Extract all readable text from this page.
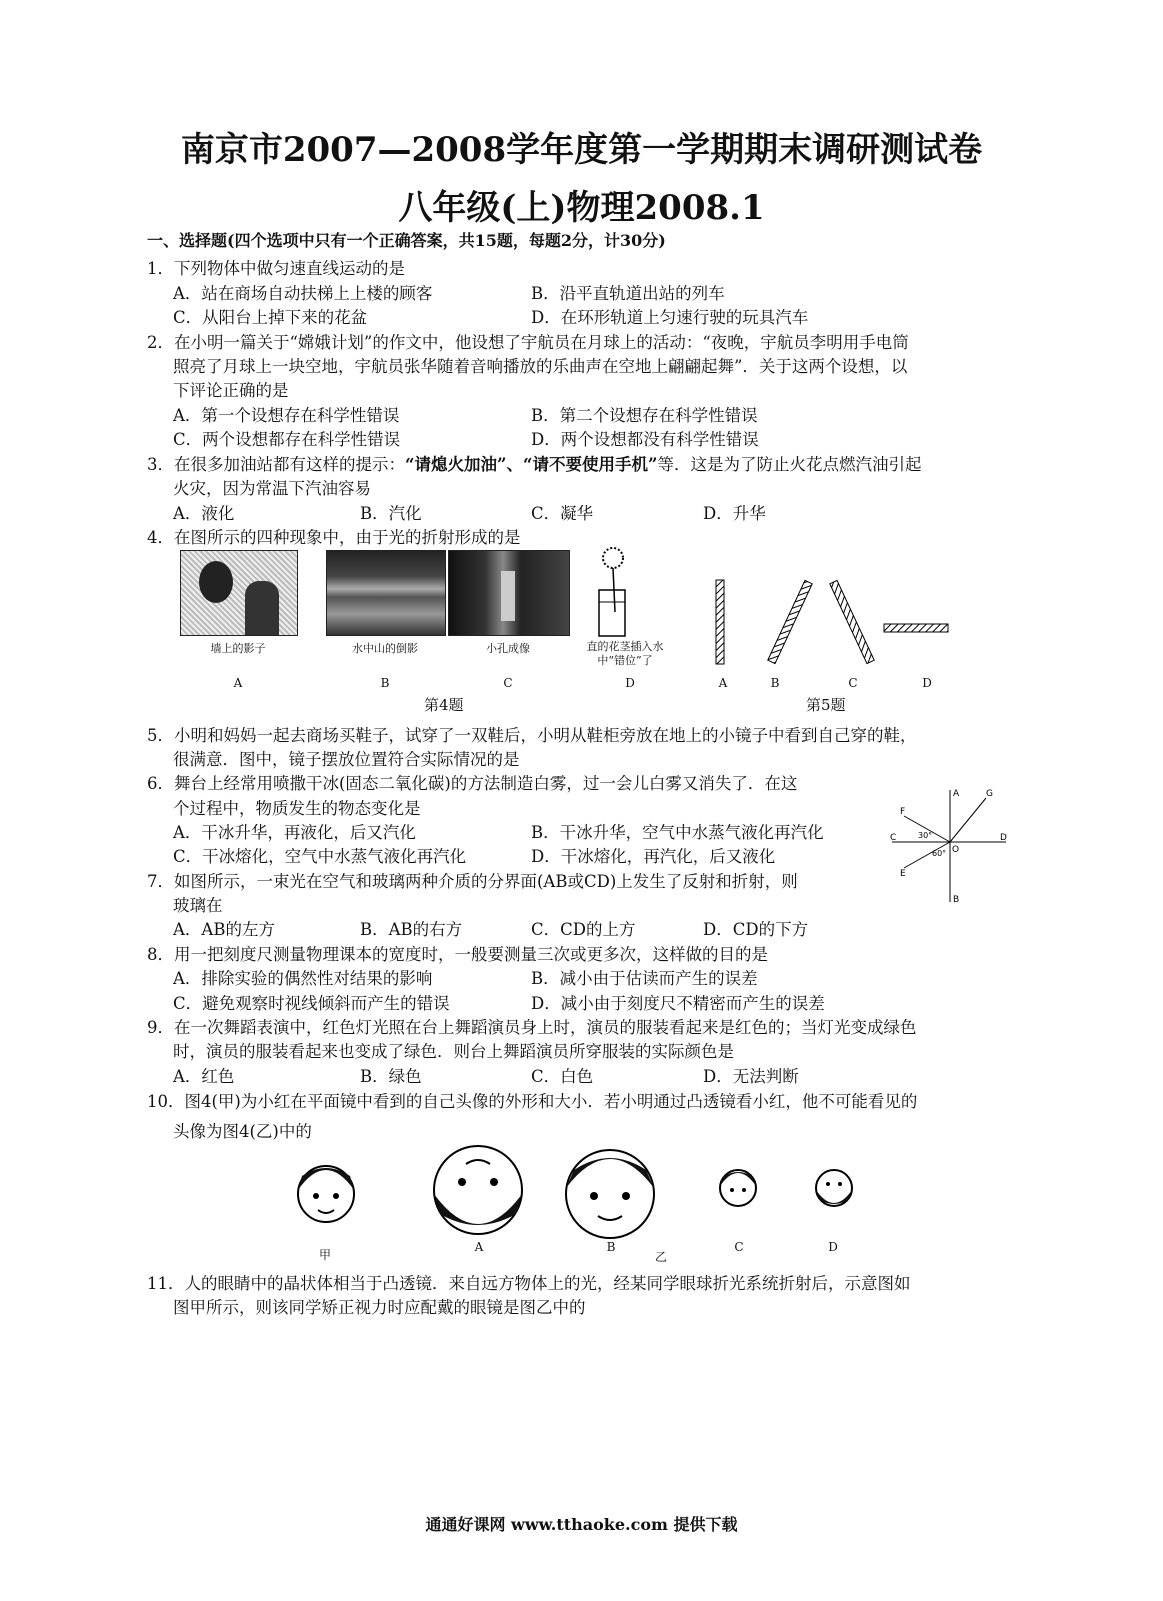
南京市2007—2008学年度第一学期期末调研测试卷
八年级(上)物理2008.1
一、选择题(四个选项中只有一个正确答案，共15题，每题2分，计30分)
1．下列物体中做匀速直线运动的是
A．站在商场自动扶梯上上楼的顾客	B．沿平直轨道出站的列车
C．从阳台上掉下来的花盆	D．在环形轨道上匀速行驶的玩具汽车
2．在小明一篇关于“嫦娥计划”的作文中，他设想了宇航员在月球上的活动：“夜晚，宇航员李明用手电筒
照亮了月球上一块空地，宇航员张华随着音响播放的乐曲声在空地上翩翩起舞”．关于这两个设想，以
下评论正确的是
A．第一个设想存在科学性错误	B．第二个设想存在科学性错误
C．两个设想都存在科学性错误	D．两个设想都没有科学性错误
3．在很多加油站都有这样的提示：“请熄火加油”、“请不要使用手机”等．这是为了防止火花点燃汽油引起
火灾，因为常温下汽油容易
A．液化	B．汽化	C．凝华	D．升华
4．在图所示的四种现象中，由于光的折射形成的是
墙上的影子	水中山的倒影	小孔成像	直的花茎插入水中“错位”了
A	B	C	D
第4题
A	B	C	D
第5题
5．小明和妈妈一起去商场买鞋子，试穿了一双鞋后，小明从鞋柜旁放在地上的小镜子中看到自己穿的鞋，
很满意．图中，镜子摆放位置符合实际情况的是
6．舞台上经常用喷撒干冰(固态二氧化碳)的方法制造白雾，过一会儿白雾又消失了．在这
个过程中，物质发生的物态变化是
A．干冰升华，再液化，后又汽化	B．干冰升华，空气中水蒸气液化再汽化
C．干冰熔化，空气中水蒸气液化再汽化	D．干冰熔化，再汽化，后又液化
A
B
C	D
O
F
E
G
30°
60°
7．如图所示，一束光在空气和玻璃两种介质的分界面(AB或CD)上发生了反射和折射，则
玻璃在
A．AB的左方	B．AB的右方	C．CD的上方	D．CD的下方
8．用一把刻度尺测量物理课本的宽度时，一般要测量三次或更多次，这样做的目的是
A．排除实验的偶然性对结果的影响	B．减小由于估读而产生的误差
C．避免观察时视线倾斜而产生的错误	D．减小由于刻度尺不精密而产生的误差
9．在一次舞蹈表演中，红色灯光照在台上舞蹈演员身上时，演员的服装看起来是红色的；当灯光变成绿色
时，演员的服装看起来也变成了绿色．则台上舞蹈演员所穿服装的实际颜色是
A．红色	B．绿色	C．白色	D．无法判断
10．图4(甲)为小红在平面镜中看到的自己头像的外形和大小．若小明通过凸透镜看小红，他不可能看见的
头像为图4(乙)中的
甲
A	B
乙
C	D
11．人的眼睛中的晶状体相当于凸透镜．来自远方物体上的光，经某同学眼球折光系统折射后，示意图如
图甲所示，则该同学矫正视力时应配戴的眼镜是图乙中的
通通好课网 www.tthaoke.com 提供下载
